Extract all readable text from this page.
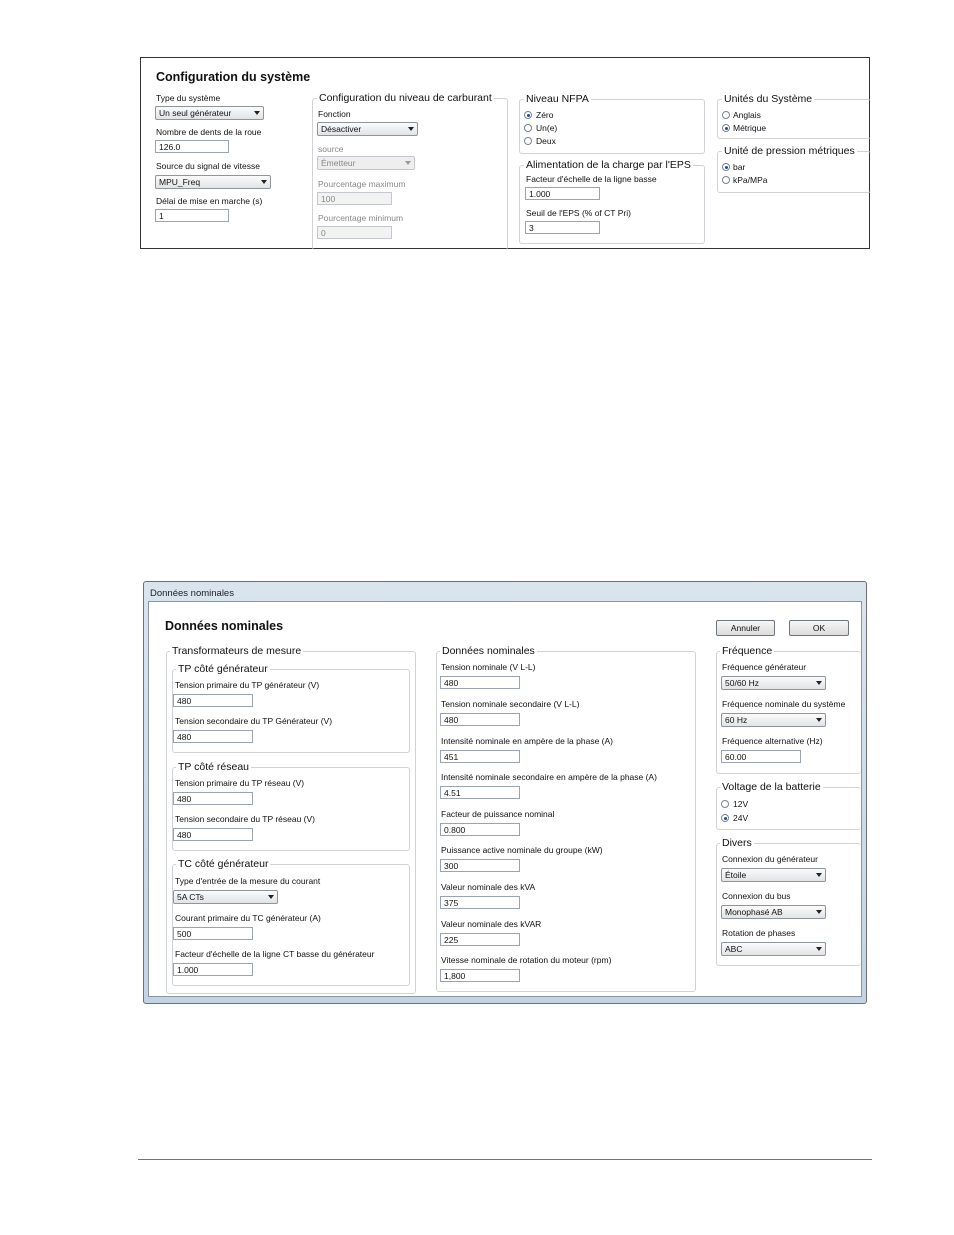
Configuration du système
Type du système
Un seul générateur
Nombre de dents de la roue
126.0
Source du signal de vitesse
MPU_Freq
Délai de mise en marche (s)
1
Configuration du niveau de carburant
Fonction
Désactiver
source
Émetteur
Pourcentage maximum
100
Pourcentage minimum
0
Niveau NFPA
Zéro
Un(e)
Deux
Alimentation de la charge par l'EPS
Facteur d'échelle de la ligne basse
1.000
Seuil de l'EPS (% of CT Pri)
3
Unités du Système
Anglais
Métrique
Unité de pression métriques
bar
kPa/MPa
Données nominales
Données nominales	Annuler	OK
Transformateurs de mesure
TP côté générateur
Tension primaire du TP générateur (V)
480
Tension secondaire du TP Générateur (V)
480
TP côté réseau
Tension primaire du TP réseau (V)
480
Tension secondaire du TP réseau (V)
480
TC côté générateur
Type d'entrée de la mesure du courant
5A CTs
Courant primaire du TC générateur (A)
500
Facteur d'échelle de la ligne CT basse du générateur
1.000
Données nominales
Tension nominale (V L-L)
480
Tension nominale secondaire (V L-L)
480
Intensité nominale en ampère de la phase (A)
451
Intensité nominale secondaire en ampère de la phase (A)
4.51
Facteur de puissance nominal
0.800
Puissance active nominale du groupe (kW)
300
Valeur nominale des kVA
375
Valeur nominale des kVAR
225
Vitesse nominale de rotation du moteur (rpm)
1,800
Fréquence
Fréquence générateur
50/60 Hz
Fréquence nominale du système
60 Hz
Fréquence alternative (Hz)
60.00
Voltage de la batterie
12V
24V
Divers
Connexion du générateur
Étoile
Connexion du bus
Monophasé AB
Rotation de phases
ABC
